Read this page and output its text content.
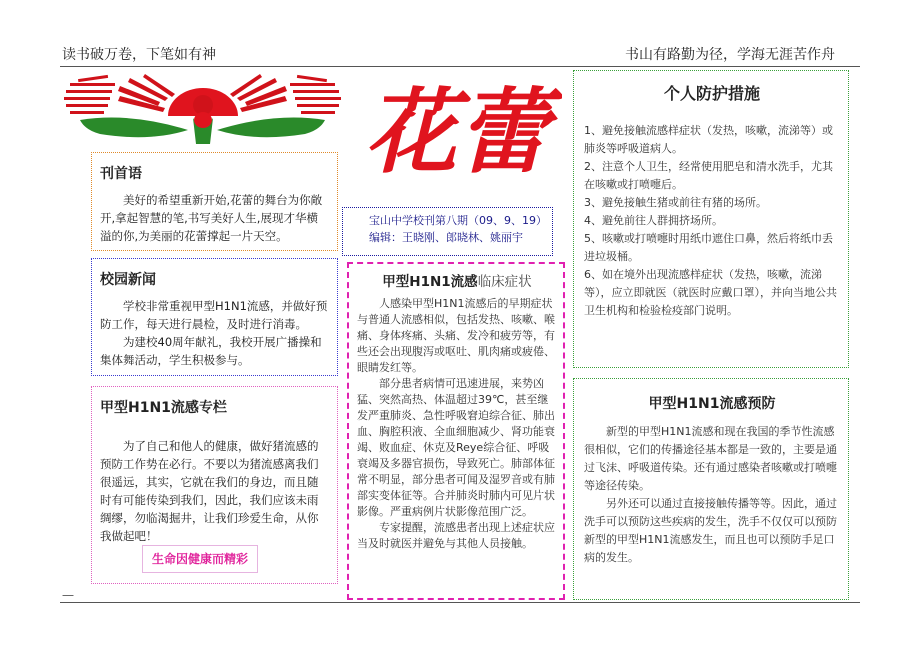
读书破万卷，下笔如有神	书山有路勤为径，学海无涯苦作舟
花蕾
刊首语

美好的希望重新开始,花蕾的舞台为你敞开,拿起智慧的笔,书写美好人生,展现才华横溢的你,为美丽的花蕾撑起一片天空。

校园新闻

学校非常重视甲型H1N1流感，并做好预防工作，每天进行晨检，及时进行消毒。

为建校40周年献礼，我校开展广播操和集体舞活动，学生积极参与。

甲型H1N1流感专栏

为了自己和他人的健康，做好猪流感的预防工作势在必行。不要以为猪流感离我们很遥远，其实，它就在我们的身边，而且随时有可能传染到我们，因此，我们应该未雨绸缪，勿临渴掘井，让我们珍爱生命，从你我做起吧！

生命因健康而精彩
宝山中学校刊第八期（09、9、19）
编辑：王晓刚、郎晓林、姚丽宇
甲型H1N1流感临床症状

人感染甲型H1N1流感后的早期症状与普通人流感相似，包括发热、咳嗽、喉痛、身体疼痛、头痛、发冷和疲劳等，有些还会出现腹泻或呕吐、肌肉痛或疲倦、眼睛发红等。

部分患者病情可迅速进展，来势凶猛、突然高热、体温超过39℃，甚至继发严重肺炎、急性呼吸窘迫综合征、肺出血、胸腔积液、全血细胞减少、肾功能衰竭、败血症、休克及Reye综合征、呼吸衰竭及多器官损伤，导致死亡。肺部体征常不明显，部分患者可闻及湿罗音或有肺部实变体征等。合并肺炎时肺内可见片状影像。严重病例片状影像范围广泛。

专家提醒，流感患者出现上述症状应当及时就医并避免与其他人员接触。

个人防护措施

1、避免接触流感样症状（发热，咳嗽，流涕等）或肺炎等呼吸道病人。

2、注意个人卫生，经常使用肥皂和清水洗手，尤其在咳嗽或打喷嚏后。

3、避免接触生猪或前往有猪的场所。

4、避免前往人群拥挤场所。

5、咳嗽或打喷嚏时用纸巾遮住口鼻，然后将纸巾丢进垃圾桶。

6、如在境外出现流感样症状（发热，咳嗽，流涕等），应立即就医（就医时应戴口罩），并向当地公共卫生机构和检验检疫部门说明。

甲型H1N1流感预防

新型的甲型H1N1流感和现在我国的季节性流感很相似，它们的传播途径基本都是一致的，主要是通过飞沫、呼吸道传染。还有通过感染者咳嗽或打喷嚏等途径传染。

另外还可以通过直接接触传播等等。因此，通过洗手可以预防这些疾病的发生，洗手不仅仅可以预防新型的甲型H1N1流感发生，而且也可以预防手足口病的发生。

—
